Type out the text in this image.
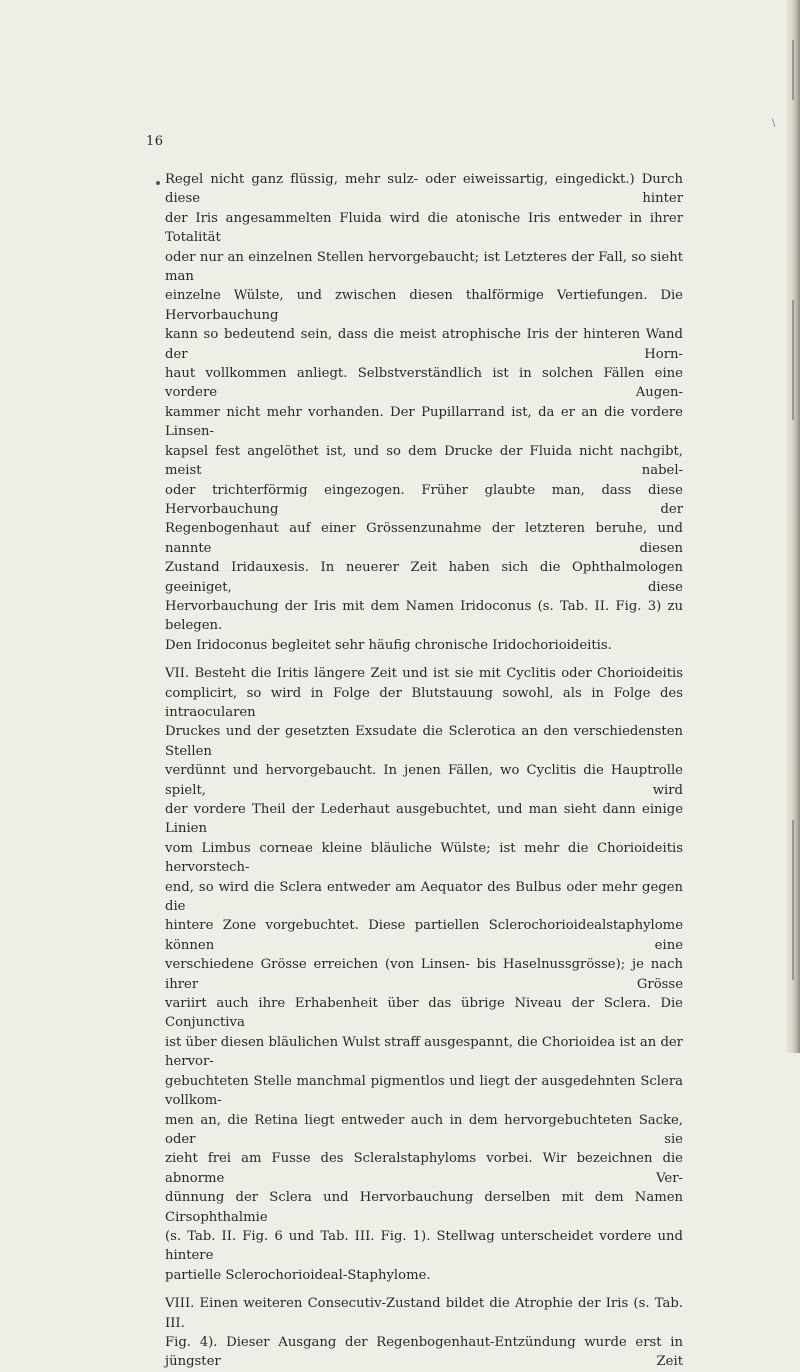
\
16

Regel nicht ganz flüssig, mehr sulz- oder eiweissartig, eingedickt.) Durch diese hinter

der Iris angesammelten Fluida wird die atonische Iris entweder in ihrer Totalität

oder nur an einzelnen Stellen hervorgebaucht; ist Letzteres der Fall, so sieht man

einzelne Wülste, und zwischen diesen thalförmige Vertiefungen. Die Hervorbauchung

kann so bedeutend sein, dass die meist atrophische Iris der hinteren Wand der Horn-

haut vollkommen anliegt. Selbstverständlich ist in solchen Fällen eine vordere Augen-

kammer nicht mehr vorhanden. Der Pupillarrand ist, da er an die vordere Linsen-

kapsel fest angelöthet ist, und so dem Drucke der Fluida nicht nachgibt, meist nabel-

oder trichterförmig eingezogen. Früher glaubte man, dass diese Hervorbauchung der

Regenbogenhaut auf einer Grössenzunahme der letzteren beruhe, und nannte diesen

Zustand Iridauxesis. In neuerer Zeit haben sich die Ophthalmologen geeiniget, diese

Hervorbauchung der Iris mit dem Namen Iridoconus (s. Tab. II. Fig. 3) zu belegen.

Den Iridoconus begleitet sehr häufig chronische Iridochorioideitis.

VII. Besteht die Iritis längere Zeit und ist sie mit Cyclitis oder Chorioideitis

complicirt, so wird in Folge der Blutstauung sowohl, als in Folge des intraocularen

Druckes und der gesetzten Exsudate die Sclerotica an den verschiedensten Stellen

verdünnt und hervorgebaucht. In jenen Fällen, wo Cyclitis die Hauptrolle spielt, wird

der vordere Theil der Lederhaut ausgebuchtet, und man sieht dann einige Linien

vom Limbus corneae kleine bläuliche Wülste; ist mehr die Chorioideitis hervorstech-

end, so wird die Sclera entweder am Aequator des Bulbus oder mehr gegen die

hintere Zone vorgebuchtet. Diese partiellen Sclerochorioidealstaphylome können eine

verschiedene Grösse erreichen (von Linsen- bis Haselnussgrösse); je nach ihrer Grösse

variirt auch ihre Erhabenheit über das übrige Niveau der Sclera. Die Conjunctiva

ist über diesen bläulichen Wulst straff ausgespannt, die Chorioidea ist an der hervor-

gebuchteten Stelle manchmal pigmentlos und liegt der ausgedehnten Sclera vollkom-

men an, die Retina liegt entweder auch in dem hervorgebuchteten Sacke, oder sie

zieht frei am Fusse des Scleralstaphyloms vorbei. Wir bezeichnen die abnorme Ver-

dünnung der Sclera und Hervorbauchung derselben mit dem Namen Cirsophthalmie

(s. Tab. II. Fig. 6 und Tab. III. Fig. 1). Stellwag unterscheidet vordere und hintere

partielle Sclerochorioideal-Staphylome.

VIII. Einen weiteren Consecutiv-Zustand bildet die Atrophie der Iris (s. Tab. III.

Fig. 4). Dieser Ausgang der Regenbogenhaut-Entzündung wurde erst in jüngster Zeit
